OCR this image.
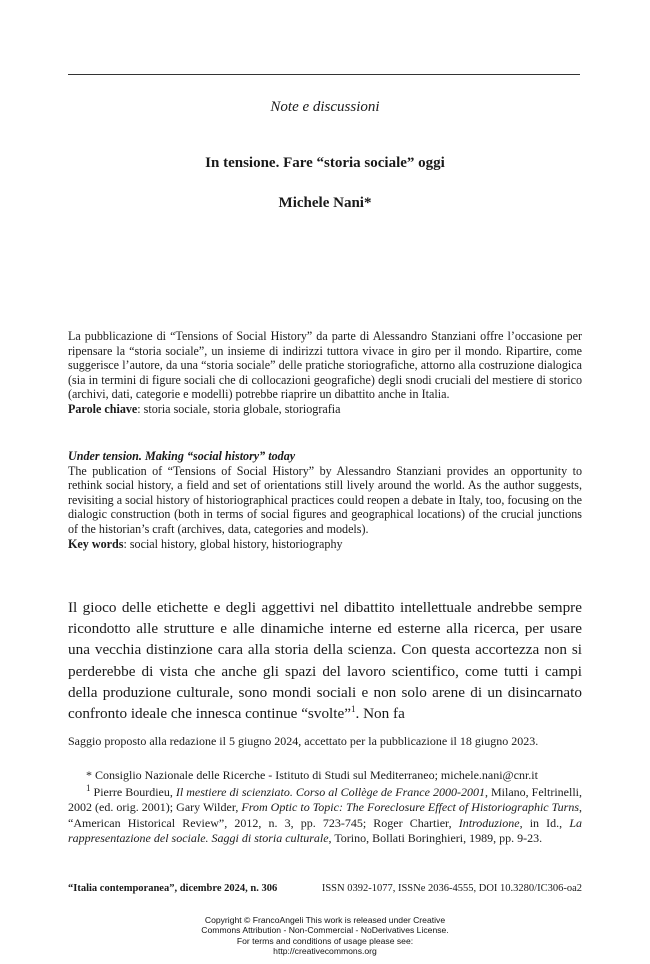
Note e discussioni
In tensione. Fare “storia sociale” oggi
Michele Nani*

La pubblicazione di “Tensions of Social History” da parte di Alessandro Stanziani offre l’occasione per ripensare la “storia sociale”, un insieme di indirizzi tuttora vivace in giro per il mondo. Ripartire, come suggerisce l’autore, da una “storia sociale” delle pratiche storiografiche, attorno alla costruzione dialogica (sia in termini di figure sociali che di collocazioni geografiche) degli snodi cruciali del mestiere di storico (archivi, dati, categorie e modelli) potrebbe riaprire un dibattito anche in Italia.

Parole chiave: storia sociale, storia globale, storiografia

Under tension. Making “social history” today

The publication of “Tensions of Social History” by Alessandro Stanziani provides an opportunity to rethink social history, a field and set of orientations still lively around the world. As the author suggests, revisiting a social history of historiographical practices could reopen a debate in Italy, too, focusing on the dialogic construction (both in terms of social figures and geographical locations) of the crucial junctions of the historian’s craft (archives, data, categories and models).

Key words: social history, global history, historiography

Il gioco delle etichette e degli aggettivi nel dibattito intellettuale andrebbe sempre ricondotto alle strutture e alle dinamiche interne ed esterne alla ricerca, per usare una vecchia distinzione cara alla storia della scienza. Con questa accortezza non si perderebbe di vista che anche gli spazi del lavoro scientifico, come tutti i campi della produzione culturale, sono mondi sociali e non solo arene di un disincarnato confronto ideale che innesca continue “svolte”$^1$. Non fa
Saggio proposto alla redazione il 5 giugno 2024, accettato per la pubblicazione il 18 giugno 2023.

* Consiglio Nazionale delle Ricerche - Istituto di Studi sul Mediterraneo; michele.nani@cnr.it

$^1$ Pierre Bourdieu, Il mestiere di scienziato. Corso al Collège de France 2000-2001, Milano, Feltrinelli, 2002 (ed. orig. 2001); Gary Wilder, From Optic to Topic: The Foreclosure Effect of Historiographic Turns, “American Historical Review”, 2012, n. 3, pp. 723-745; Roger Chartier, Introduzione, in Id., La rappresentazione del sociale. Saggi di storia culturale, Torino, Bollati Boringhieri, 1989, pp. 9-23.

“Italia contemporanea”, dicembre 2024, n. 306	ISSN 0392-1077, ISSNe 2036-4555, DOI 10.3280/IC306-oa2
Copyright © FrancoAngeli This work is released under Creative
Commons Attribution - Non-Commercial - NoDerivatives License.
For terms and conditions of usage please see:
http://creativecommons.org
